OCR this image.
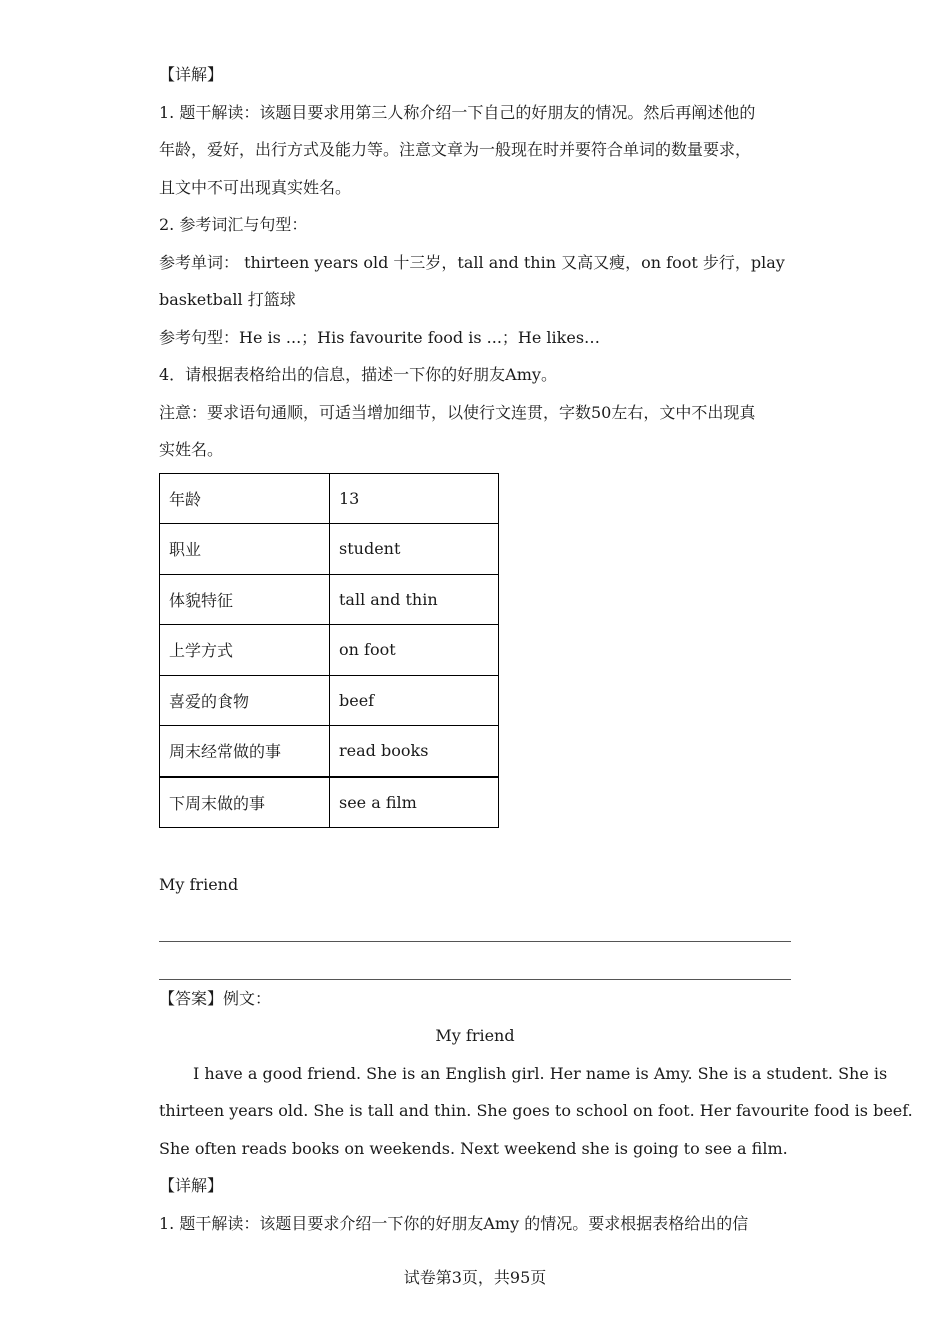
【详解】
1. 题干解读：该题目要求用第三人称介绍一下自己的好朋友的情况。然后再阐述他的
年龄，爱好，出行方式及能力等。注意文章为一般现在时并要符合单词的数量要求，
且文中不可出现真实姓名。
2. 参考词汇与句型：
参考单词： thirteen years old 十三岁，tall and thin 又高又瘦，on foot 步行，play
basketball 打篮球
参考句型：He is ...；His favourite food is ...；He likes…
4．请根据表格给出的信息，描述一下你的好朋友Amy。
注意：要求语句通顺，可适当增加细节，以使行文连贯，字数50左右，文中不出现真
实姓名。
年龄	13
职业	student
体貌特征	tall and thin
上学方式	on foot
喜爱的食物	beef
周末经常做的事	read books
下周末做的事	see a film
My friend
【答案】例文：
My friend
I have a good friend. She is an English girl. Her name is Amy. She is a student. She is
thirteen years old. She is tall and thin. She goes to school on foot. Her favourite food is beef.
She often reads books on weekends. Next weekend she is going to see a film.
【详解】
1. 题干解读：该题目要求介绍一下你的好朋友Amy 的情况。要求根据表格给出的信
试卷第3页，共95页
